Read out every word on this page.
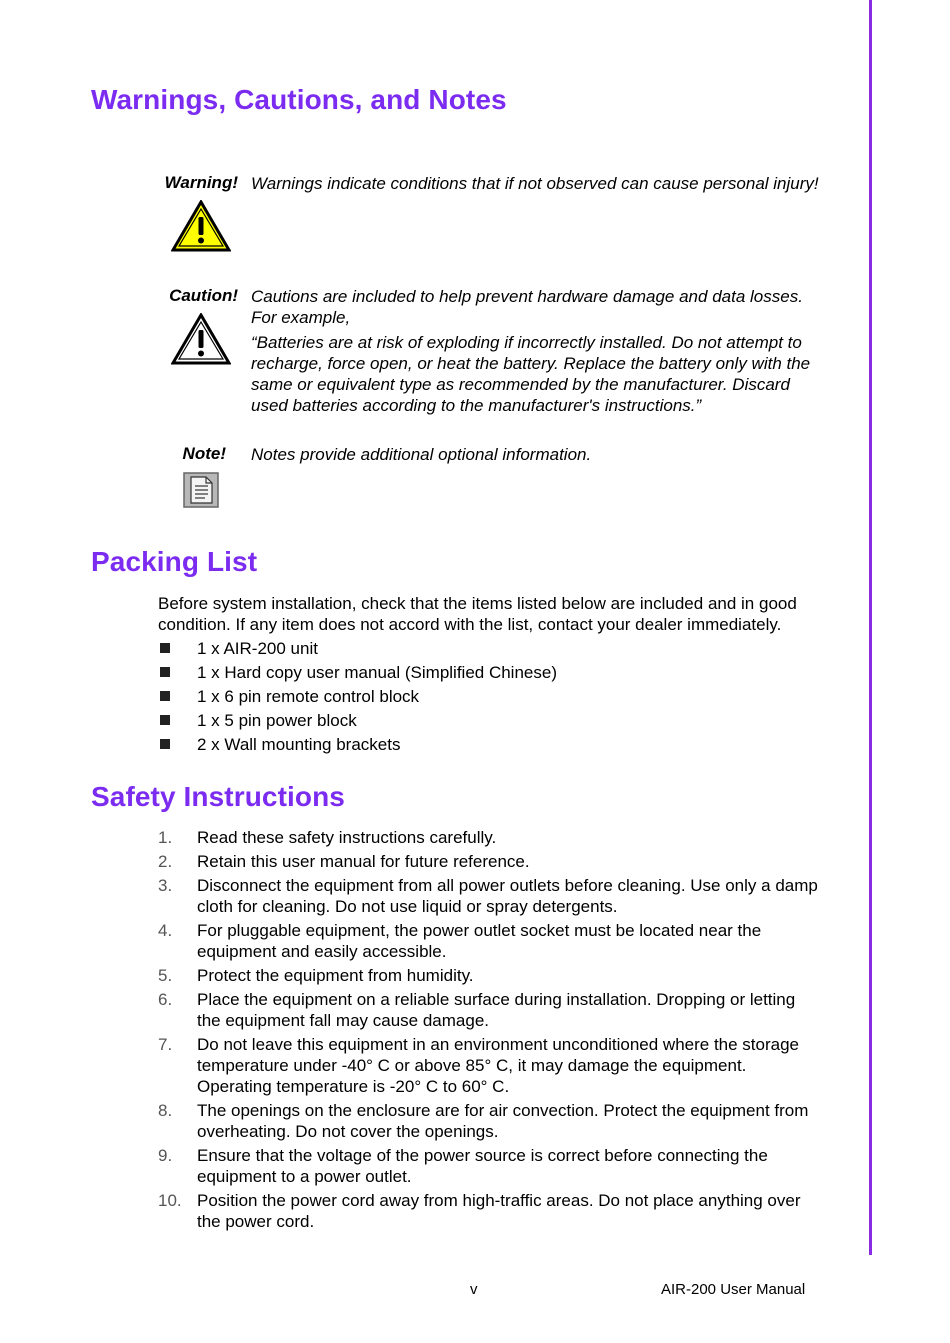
Warnings, Cautions, and Notes
Warning! Warnings indicate conditions that if not observed can cause personal injury!
Caution! Cautions are included to help prevent hardware damage and data losses. For example,
“Batteries are at risk of exploding if incorrectly installed. Do not attempt to recharge, force open, or heat the battery. Replace the battery only with the same or equivalent type as recommended by the manufacturer. Discard used batteries according to the manufacturer's instructions.”
Note! Notes provide additional optional information.
Packing List
Before system installation, check that the items listed below are included and in good condition. If any item does not accord with the list, contact your dealer immediately.
1 x AIR-200 unit
1 x Hard copy user manual (Simplified Chinese)
1 x 6 pin remote control block
1 x 5 pin power block
2 x Wall mounting brackets
Safety Instructions
1.	Read these safety instructions carefully.
2.	Retain this user manual for future reference.
3.	Disconnect the equipment from all power outlets before cleaning. Use only a damp cloth for cleaning. Do not use liquid or spray detergents.
4.	For pluggable equipment, the power outlet socket must be located near the equipment and easily accessible.
5.	Protect the equipment from humidity.
6.	Place the equipment on a reliable surface during installation. Dropping or letting the equipment fall may cause damage.
7.	Do not leave this equipment in an environment unconditioned where the storage temperature under -40° C or above 85° C, it may damage the equipment. Operating temperature is -20° C to 60° C.
8.	The openings on the enclosure are for air convection. Protect the equipment from overheating. Do not cover the openings.
9.	Ensure that the voltage of the power source is correct before connecting the equipment to a power outlet.
10. Position the power cord away from high-traffic areas. Do not place anything over the power cord.
v	AIR-200 User Manual
